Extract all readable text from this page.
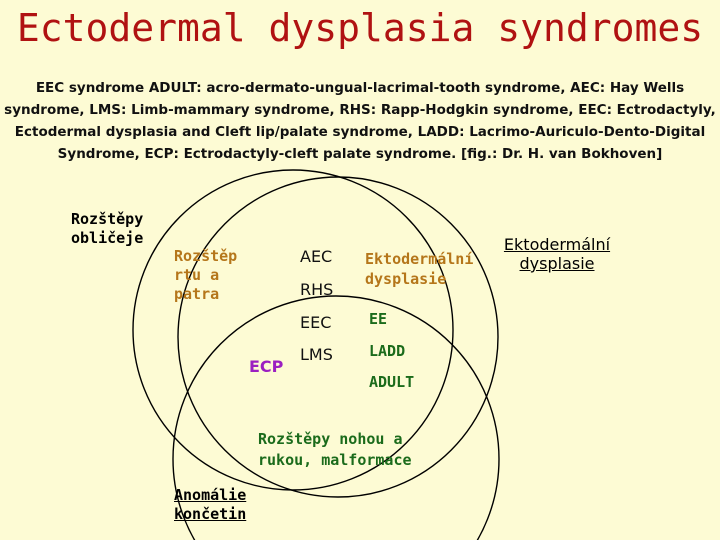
Ectodermal dysplasia syndromes
EEC syndrome ADULT: acro-dermato-ungual-lacrimal-tooth syndrome, AEC: Hay Wells syndrome, LMS: Limb-mammary syndrome, RHS: Rapp-Hodgkin syndrome, EEC: Ectrodactyly, Ectodermal dysplasia and Cleft lip/palate syndrome, LADD: Lacrimo-Auriculo-Dento-Digital Syndrome, ECP: Ectrodactyly-cleft palate syndrome. [fig.: Dr. H. van Bokhoven]
Rozštěpy obličeje	Ektodermální dysplasie
Anomálie končetin
Rozštěp rtu a patra
Ektodermální dysplasie
Rozštěpy nohou a rukou, malformace
AEC
RHS
EEC
LMS
ECP
EE
LADD
ADULT
